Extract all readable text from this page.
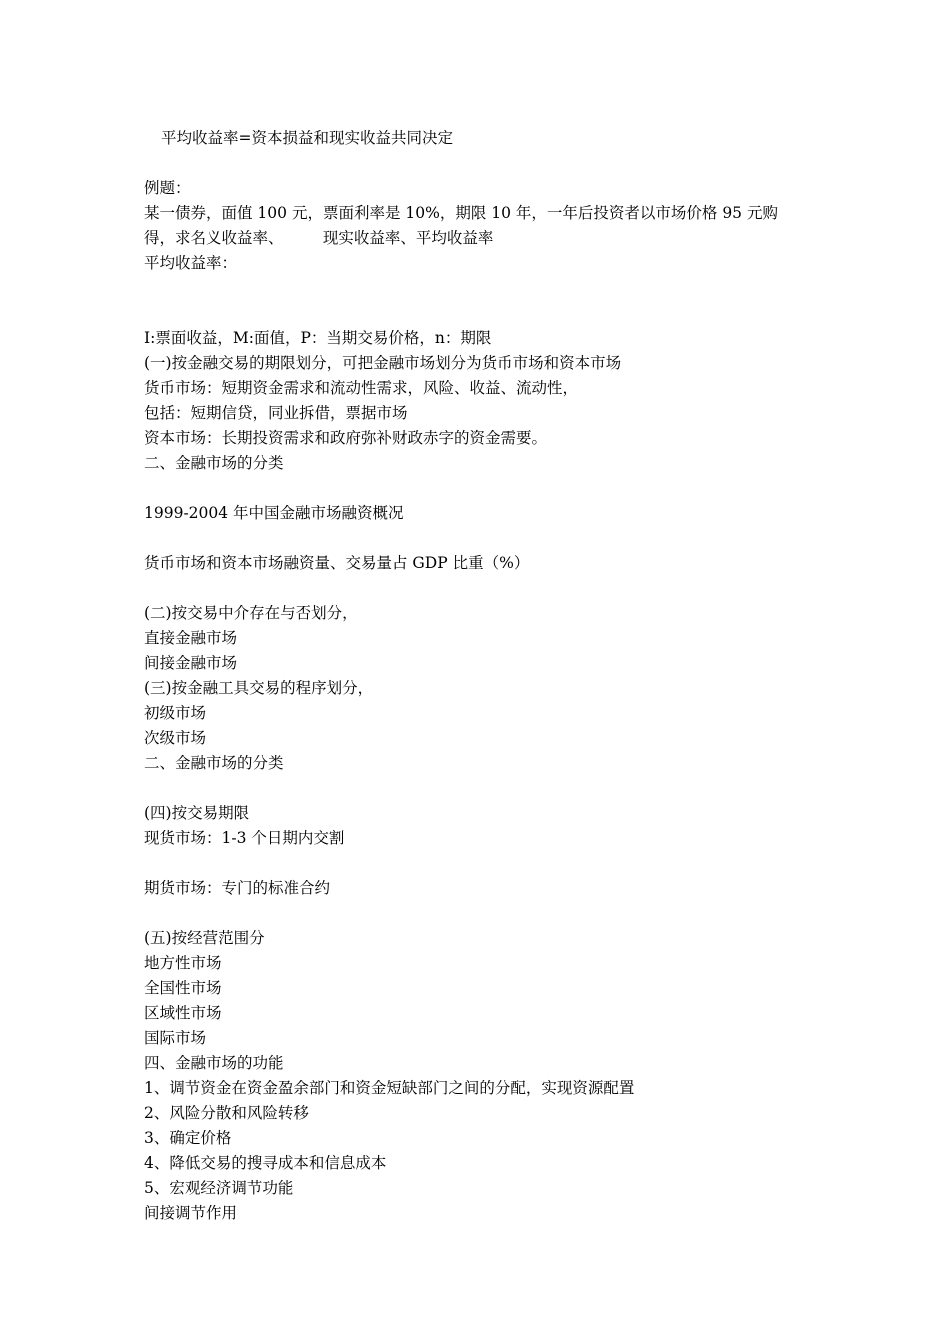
平均收益率=资本损益和现实收益共同决定

例题：

某一债券，面值 100 元，票面利率是 10%，期限 10 年，一年后投资者以市场价格 95 元购

得，求名义收益率、        现实收益率、平均收益率

平均收益率：

I:票面收益，M:面值，P：当期交易价格，n：期限

(一)按金融交易的期限划分，可把金融市场划分为货币市场和资本市场

货币市场：短期资金需求和流动性需求，风险、收益、流动性，

包括：短期信贷，同业拆借，票据市场

资本市场：长期投资需求和政府弥补财政赤字的资金需要。

二、金融市场的分类

1999-2004 年中国金融市场融资概况

货币市场和资本市场融资量、交易量占 GDP 比重（%）

(二)按交易中介存在与否划分，

直接金融市场

间接金融市场

(三)按金融工具交易的程序划分，

初级市场

次级市场

二、金融市场的分类

(四)按交易期限

现货市场：1-3 个日期内交割

期货市场：专门的标准合约

(五)按经营范围分

地方性市场

全国性市场

区域性市场

国际市场

四、金融市场的功能

1、调节资金在资金盈余部门和资金短缺部门之间的分配，实现资源配置

2、风险分散和风险转移

3、确定价格

4、降低交易的搜寻成本和信息成本

5、宏观经济调节功能

间接调节作用
